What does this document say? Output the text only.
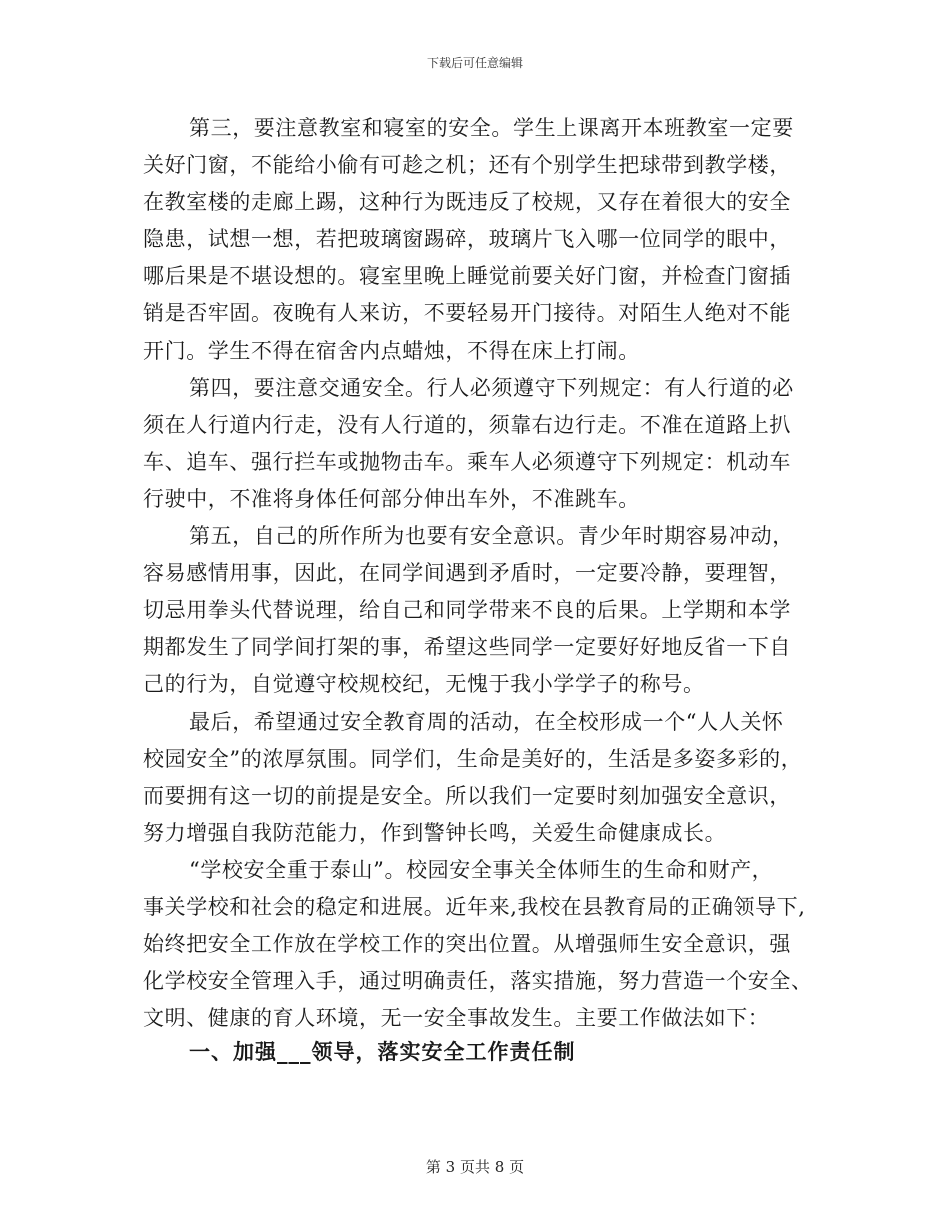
下载后可任意编辑
第三，要注意教室和寝室的安全。学生上课离开本班教室一定要
关好门窗，不能给小偷有可趁之机；还有个别学生把球带到教学楼，
在教室楼的走廊上踢，这种行为既违反了校规，又存在着很大的安全
隐患，试想一想，若把玻璃窗踢碎，玻璃片飞入哪一位同学的眼中，
哪后果是不堪设想的。寝室里晚上睡觉前要关好门窗，并检查门窗插
销是否牢固。夜晚有人来访，不要轻易开门接待。对陌生人绝对不能
开门。学生不得在宿舍内点蜡烛，不得在床上打闹。
第四，要注意交通安全。行人必须遵守下列规定：有人行道的必
须在人行道内行走，没有人行道的，须靠右边行走。不准在道路上扒
车、追车、强行拦车或抛物击车。乘车人必须遵守下列规定：机动车
行驶中，不准将身体任何部分伸出车外，不准跳车。
第五，自己的所作所为也要有安全意识。青少年时期容易冲动，
容易感情用事，因此，在同学间遇到矛盾时，一定要冷静，要理智，
切忌用拳头代替说理，给自己和同学带来不良的后果。上学期和本学
期都发生了同学间打架的事，希望这些同学一定要好好地反省一下自
己的行为，自觉遵守校规校纪，无愧于我小学学子的称号。
最后，希望通过安全教育周的活动，在全校形成一个“人人关怀
校园安全”的浓厚氛围。同学们，生命是美好的，生活是多姿多彩的，
而要拥有这一切的前提是安全。所以我们一定要时刻加强安全意识，
努力增强自我防范能力，作到警钟长鸣，关爱生命健康成长。
“学校安全重于泰山”。校园安全事关全体师生的生命和财产，
事关学校和社会的稳定和进展。近年来,我校在县教育局的正确领导下,
始终把安全工作放在学校工作的突出位置。从增强师生安全意识，强
化学校安全管理入手，通过明确责任，落实措施，努力营造一个安全、
文明、健康的育人环境，无一安全事故发生。主要工作做法如下：
一、加强___领导，落实安全工作责任制
第 3 页共 8 页
